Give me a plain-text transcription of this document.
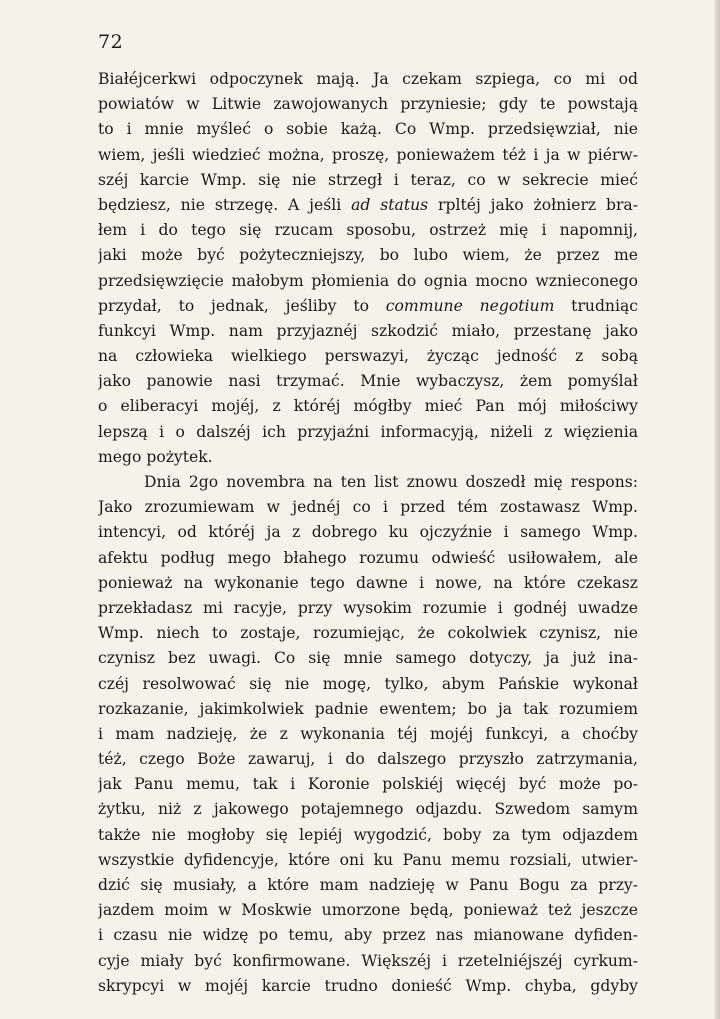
72
Białéjcerkwi odpoczynek mają. Ja czekam szpiega, co mi od
powiatów w Litwie zawojowanych przyniesie; gdy te powstają
to i mnie myśleć o sobie każą. Co Wmp. przedsięwział, nie
wiem, jeśli wiedzieć można, proszę, ponieważem téż i ja w piérw-
széj karcie Wmp. się nie strzegł i teraz, co w sekrecie mieć
będziesz, nie strzegę. A jeśli ad status rpltéj jako żołnierz bra-
łem i do tego się rzucam sposobu, ostrzeż mię i napomnij,
jaki może być pożyteczniejszy, bo lubo wiem, że przez me
przedsięwzięcie małobym płomienia do ognia mocno wznieconego
przydał, to jednak, jeśliby to commune negotium trudniąc
funkcyi Wmp. nam przyjaznéj szkodzić miało, przestanę jako
na człowieka wielkiego perswazyi, życząc jedność z sobą
jako panowie nasi trzymać. Mnie wybaczysz, żem pomyślał
o eliberacyi mojéj, z któréj mógłby mieć Pan mój miłościwy
lepszą i o dalszéj ich przyjaźni informacyją, niżeli z więzienia
mego pożytek.
Dnia 2go novembra na ten list znowu doszedł mię respons:
Jako zrozumiewam w jednéj co i przed tém zostawasz Wmp.
intencyi, od któréj ja z dobrego ku ojczyźnie i samego Wmp.
afektu podług mego błahego rozumu odwieść usiłowałem, ale
ponieważ na wykonanie tego dawne i nowe, na które czekasz
przekładasz mi racyje, przy wysokim rozumie i godnéj uwadze
Wmp. niech to zostaje, rozumiejąc, że cokolwiek czynisz, nie
czynisz bez uwagi. Co się mnie samego dotyczy, ja już ina-
czéj resolwować się nie mogę, tylko, abym Pańskie wykonał
rozkazanie, jakimkolwiek padnie ewentem; bo ja tak rozumiem
i mam nadzieję, że z wykonania téj mojéj funkcyi, a choćby
téż, czego Boże zawaruj, i do dalszego przyszło zatrzymania,
jak Panu memu, tak i Koronie polskiéj więcéj być może po-
żytku, niż z jakowego potajemnego odjazdu. Szwedom samym
także nie mogłoby się lepiéj wygodzić, boby za tym odjazdem
wszystkie dyfidencyje, które oni ku Panu memu rozsiali, utwier-
dzić się musiały, a które mam nadzieję w Panu Bogu za przy-
jazdem moim w Moskwie umorzone będą, ponieważ też jeszcze
i czasu nie widzę po temu, aby przez nas mianowane dyfiden-
cyje miały być konfirmowane. Większéj i rzetelniéjszéj cyrkum-
skrypcyi w mojéj karcie trudno donieść Wmp. chyba, gdyby
